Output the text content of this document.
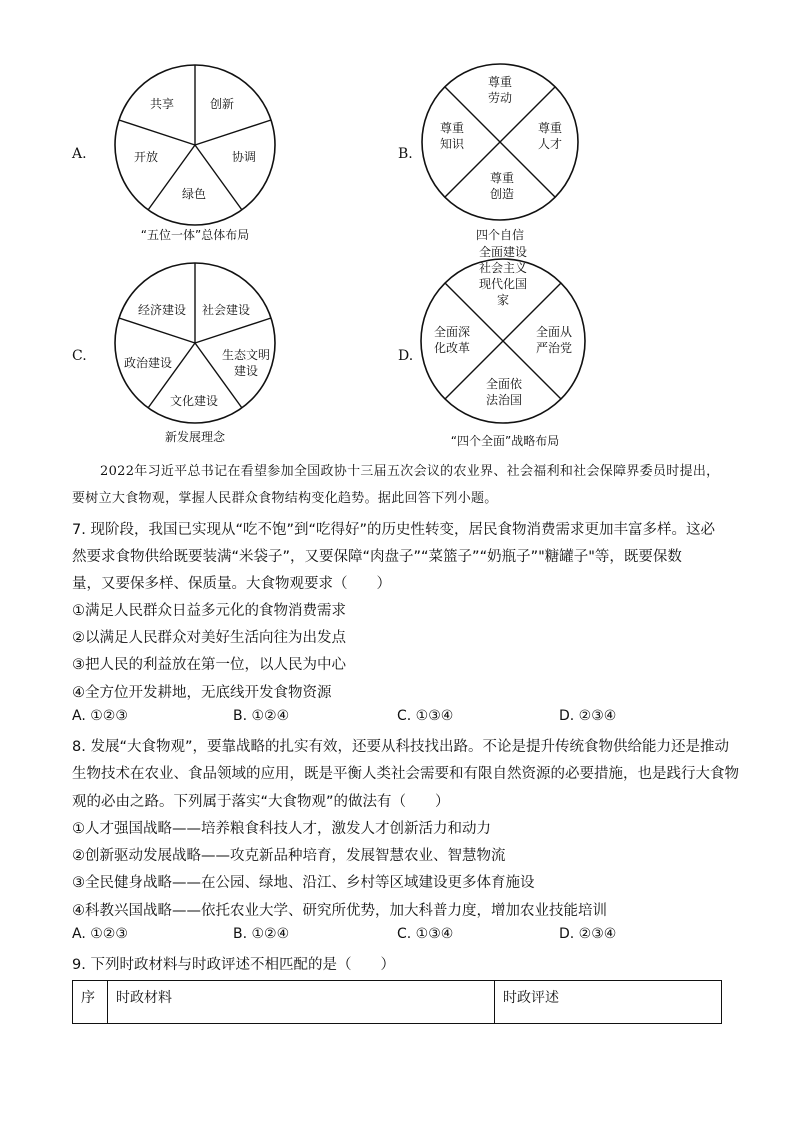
A.
共享	创新
协调
绿色
开放
“五位一体”总体布局
B.
尊重劳动
尊重人才
尊重创造
尊重知识
四个自信
C.
经济建设 社会建设
生态文明建设
文化建设
政治建设
新发展理念
D.
全面建设社会主义现代化国家
全面从严治党
全面依法治国
全面深化改革
“四个全面”战略布局
2022年习近平总书记在看望参加全国政协十三届五次会议的农业界、社会福利和社会保障界委员时提出，要树立大食物观，掌握人民群众食物结构变化趋势。据此回答下列小题。
7. 现阶段，我国已实现从“吃不饱”到“吃得好”的历史性转变，居民食物消费需求更加丰富多样。这必
然要求食物供给既要装满“米袋子”，又要保障“肉盘子”“菜篮子”“奶瓶子”"糖罐子"等，既要保数
量，又要保多样、保质量。大食物观要求（　　）
①满足人民群众日益多元化的食物消费需求
②以满足人民群众对美好生活向往为出发点
③把人民的利益放在第一位，以人民为中心
④全方位开发耕地，无底线开发食物资源
A. ①②③	B. ①②④	C. ①③④	D. ②③④
8. 发展“大食物观”，要靠战略的扎实有效，还要从科技找出路。不论是提升传统食物供给能力还是推动
生物技术在农业、食品领域的应用，既是平衡人类社会需要和有限自然资源的必要措施，也是践行大食物
观的必由之路。下列属于落实“大食物观”的做法有（　　）
①人才强国战略——培养粮食科技人才，激发人才创新活力和动力
②创新驱动发展战略——攻克新品种培育，发展智慧农业、智慧物流
③全民健身战略——在公园、绿地、沿江、乡村等区域建设更多体育施设
④科教兴国战略——依托农业大学、研究所优势，加大科普力度，增加农业技能培训
A. ①②③	B. ①②④	C. ①③④	D. ②③④
9. 下列时政材料与时政评述不相匹配的是（　　）
序	时政材料	时政评述
